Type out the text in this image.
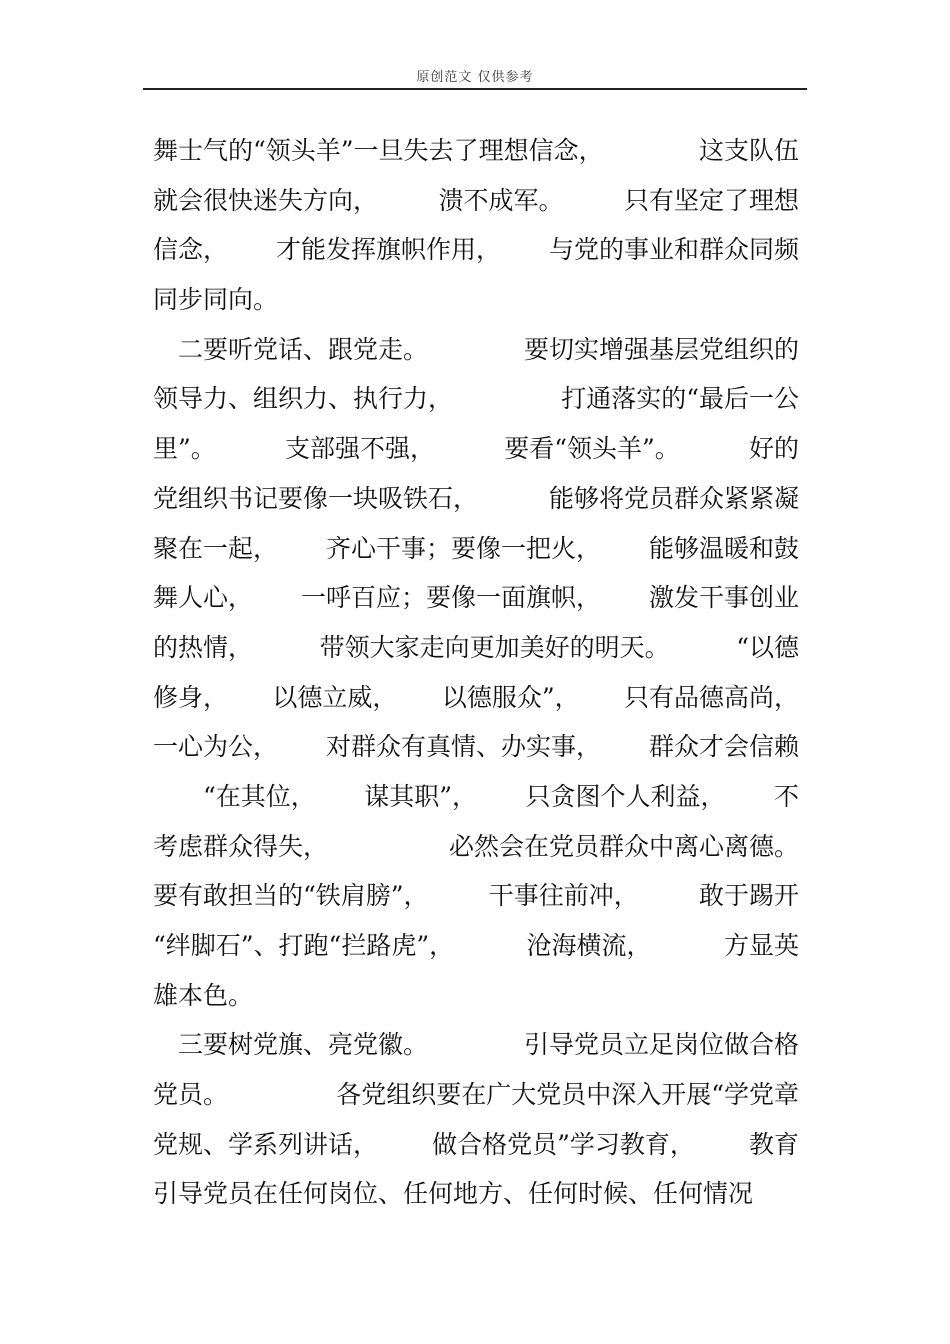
原创范文 仅供参考
舞士气的“领头羊”一旦失去了理想信念，	这支队伍
就会很快迷失方向， 溃不成军。 只有坚定了理想
信念， 才能发挥旗帜作用， 与党的事业和群众同频
同步同向。
　二要听党话、跟党走。	要切实增强基层党组织的
领导力、组织力、执行力，	打通落实的“最后一公
里”。	支部强不强，	要看“领头羊”。	好的
党组织书记要像一块吸铁石，	能够将党员群众紧紧凝
聚在一起， 齐心干事；要像一把火， 能够温暖和鼓
舞人心， 一呼百应；要像一面旗帜， 激发干事创业
的热情，	带领大家走向更加美好的明天。	“以德
修身， 以德立威， 以德服众”， 只有品德高尚，
一心为公， 对群众有真情、办实事， 群众才会信赖
　　“在其位， 谋其职”， 只贪图个人利益， 不
考虑群众得失，	必然会在党员群众中离心离德。
要有敢担当的“铁肩膀”， 干事往前冲， 敢于踢开
“绊脚石”、打跑“拦路虎”，	沧海横流，	方显英
雄本色。
　三要树党旗、亮党徽。	引导党员立足岗位做合格
党员。	各党组织要在广大党员中深入开展“学党章
党规、学系列讲话， 做合格党员”学习教育， 教育
引导党员在任何岗位、任何地方、任何时候、任何情况
